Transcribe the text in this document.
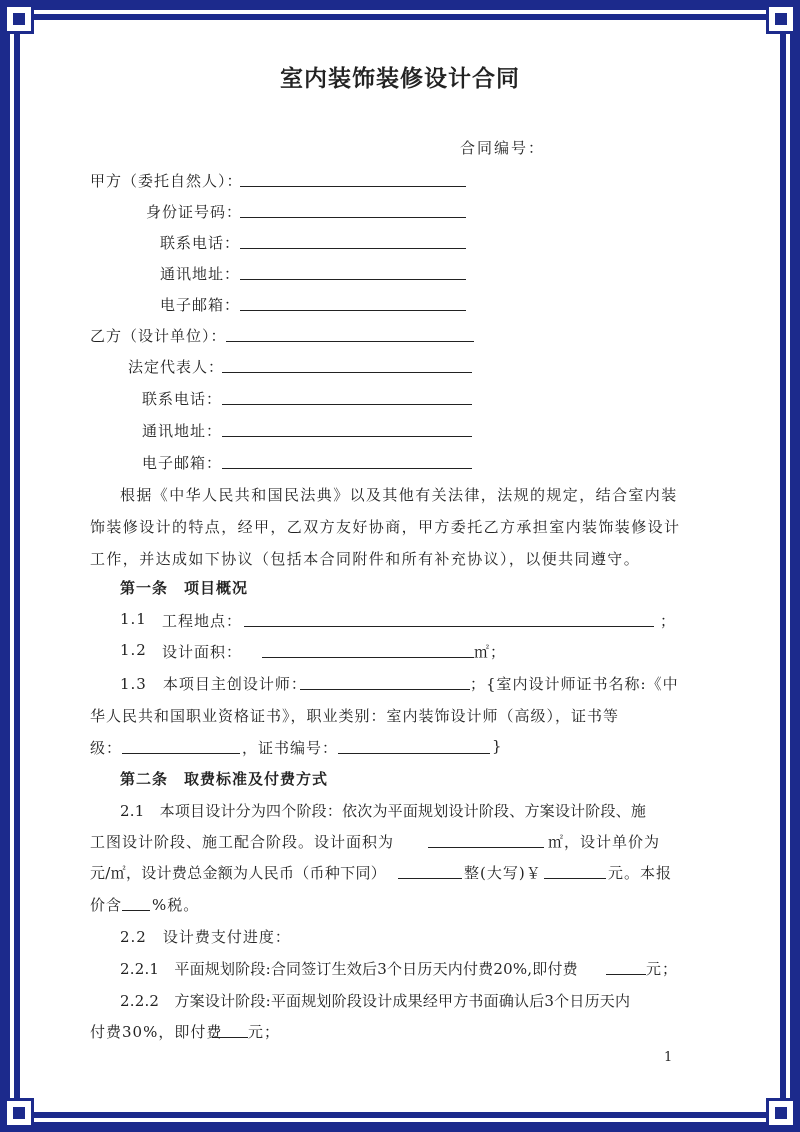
室内装饰装修设计合同
合同编号：
甲方（委托自然人）：
身份证号码：
联系电话：
通讯地址：
电子邮箱：
乙方（设计单位）：
法定代表人：
联系电话：
通讯地址：
电子邮箱：
根据《中华人民共和国民法典》以及其他有关法律，法规的规定，结合室内装饰装修设计的特点，经甲，乙双方友好协商，甲方委托乙方承担室内装饰装修设计工作，并达成如下协议（包括本合同附件和所有补充协议），以便共同遵守。
第一条　项目概况
1.1 工程地点：	；
1.2 设计面积：	㎡；
1.3　本项目主创设计师：	；{室内设计师证书名称:《中
华人民共和国职业资格证书》，职业类别：室内装饰设计师（高级），证书等
级：	，证书编号：	}
第二条　取费标准及付费方式
2.1　本项目设计分为四个阶段：依次为平面规划设计阶段、方案设计阶段、施
工图设计阶段、施工配合阶段。设计面积为	㎡，设计单价为
元/㎡，设计费总金额为人民币（币种下同）	整(大写)￥	元。本报
价含 %税。
2.2　设计费支付进度：
2.2.1　平面规划阶段:合同签订生效后3个日历天内付费20%,即付费	元；
2.2.2　方案设计阶段:平面规划阶段设计成果经甲方书面确认后3个日历天内
付费30%，即付费 元；
1
